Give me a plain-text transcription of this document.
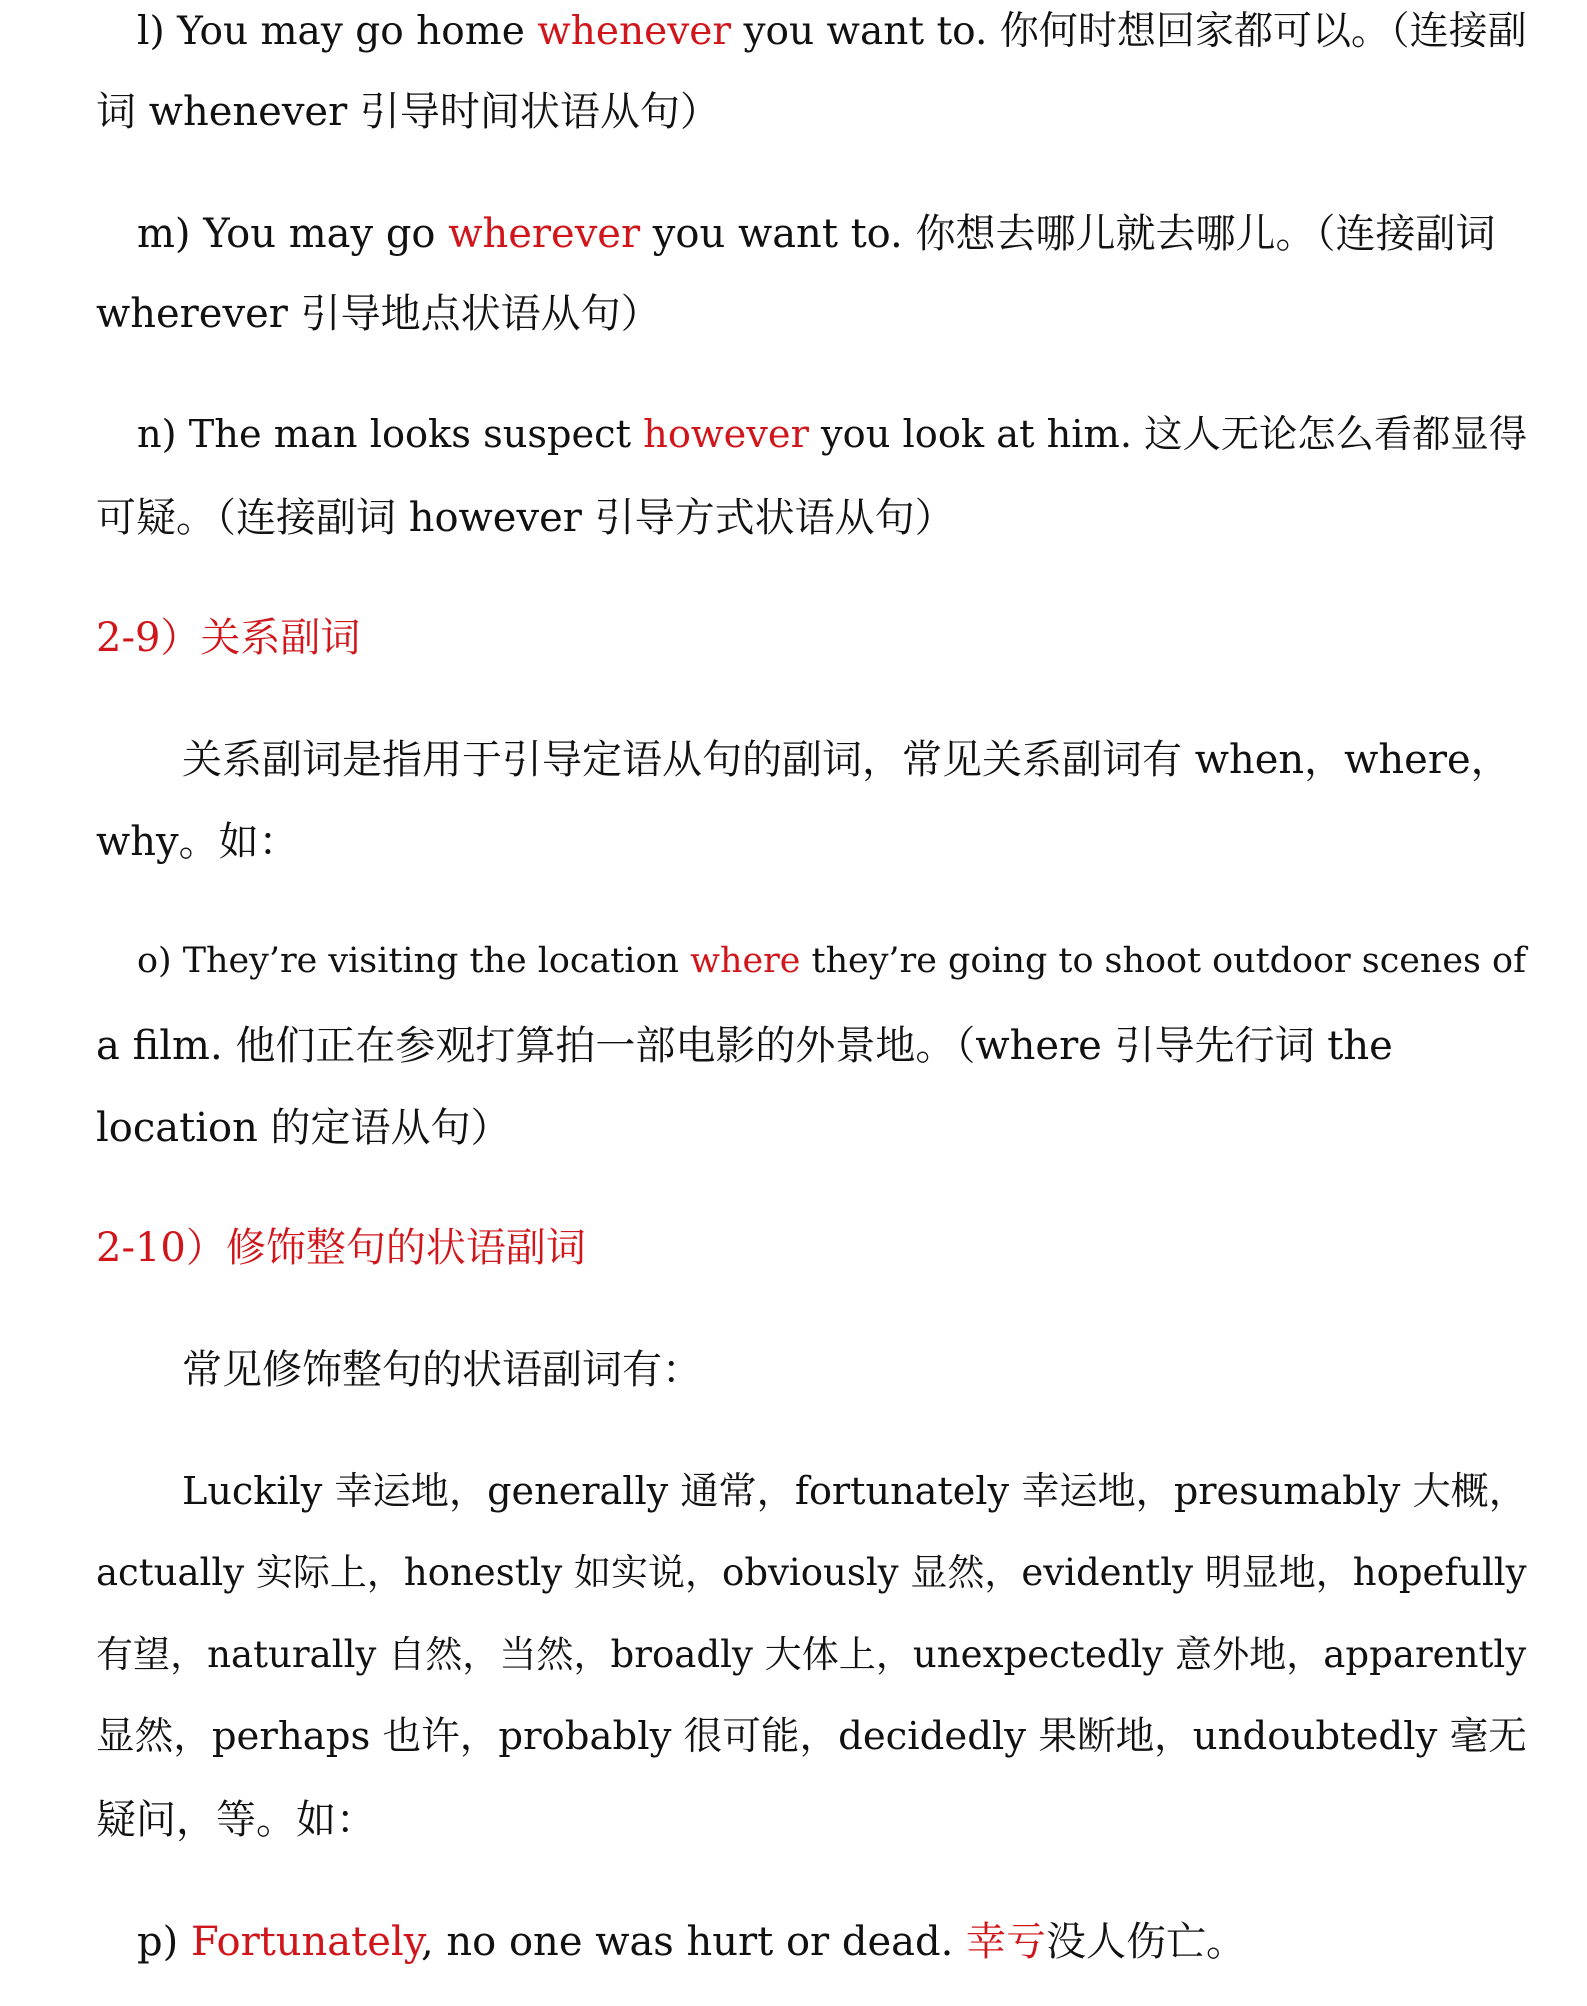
l) You may go home whenever you want to. 你何时想回家都可以。（连接副
词 whenever 引导时间状语从句）
m) You may go wherever you want to. 你想去哪儿就去哪儿。（连接副词
wherever 引导地点状语从句）
n) The man looks suspect however you look at him. 这人无论怎么看都显得
可疑。（连接副词 however 引导方式状语从句）
2-9）关系副词
关系副词是指用于引导定语从句的副词，常见关系副词有 when，where，
why。如：
o) They’re visiting the location where they’re going to shoot outdoor scenes of
a film. 他们正在参观打算拍一部电影的外景地。（where 引导先行词 the
location 的定语从句）
2-10）修饰整句的状语副词
常见修饰整句的状语副词有：
Luckily 幸运地，generally 通常，fortunately 幸运地，presumably 大概，
actually 实际上，honestly 如实说，obviously 显然，evidently 明显地，hopefully
有望，naturally 自然，当然，broadly 大体上，unexpectedly 意外地，apparently
显然，perhaps 也许，probably 很可能，decidedly 果断地，undoubtedly 毫无
疑问，等。如：
p) Fortunately, no one was hurt or dead. 幸亏没人伤亡。
